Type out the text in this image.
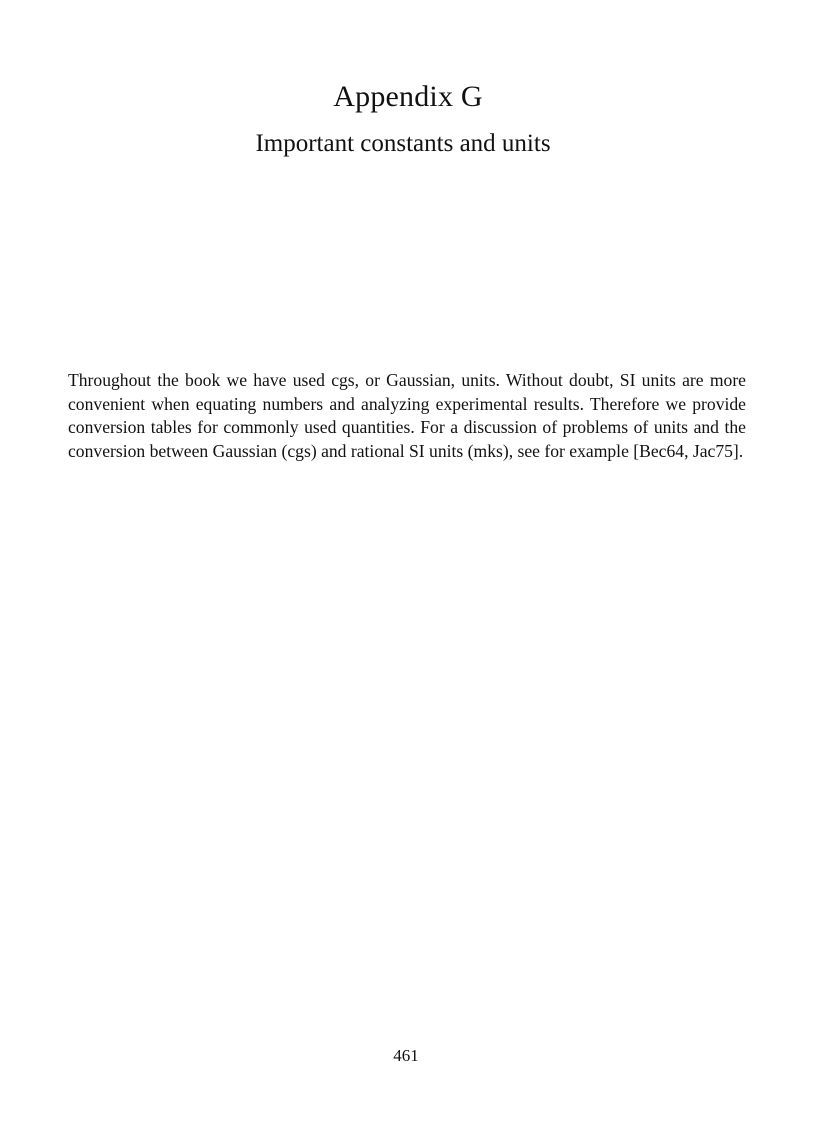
Appendix G
Important constants and units

Throughout the book we have used cgs, or Gaussian, units. Without doubt, SI units are more convenient when equating numbers and analyzing experimental results. Therefore we provide conversion tables for commonly used quantities. For a discussion of problems of units and the conversion between Gaussian (cgs) and rational SI units (mks), see for example [Bec64, Jac75].

461
